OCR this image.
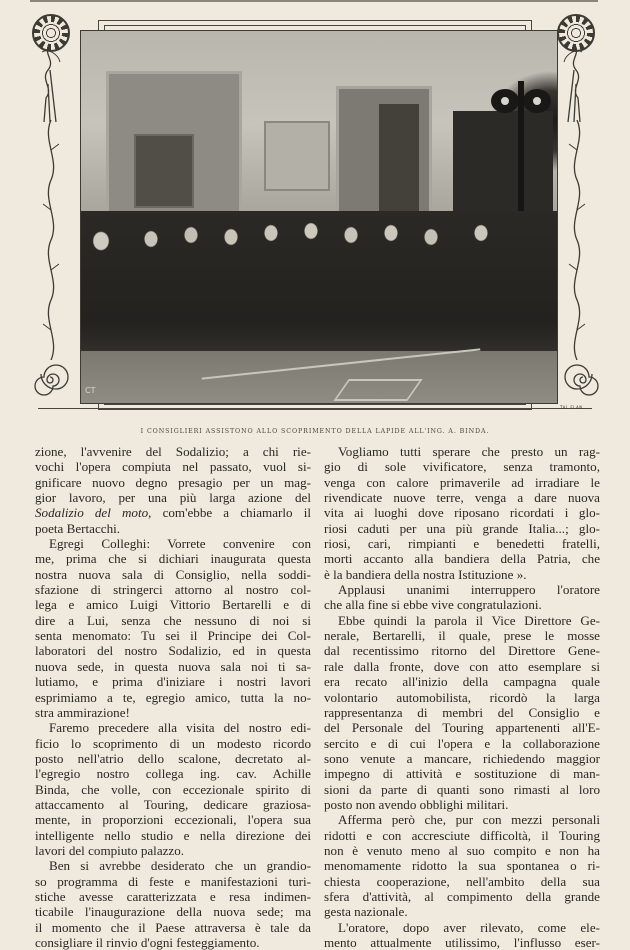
CT
TAL.FLAN
I CONSIGLIERI ASSISTONO ALLO SCOPRIMENTO DELLA LAPIDE ALL'ING. A. BINDA.

zione, l'avvenire del Sodalizio; a chi rie-
vochi l'opera compiuta nel passato, vuol si-
gnificare nuovo degno presagio per un mag-
gior lavoro, per una più larga azione del
Sodalizio del moto, com'ebbe a chiamarlo il
poeta Bertacchi.

Egregi Colleghi: Vorrete convenire con
me, prima che si dichiari inaugurata questa
nostra nuova sala di Consiglio, nella soddi-
sfazione di stringerci attorno al nostro col-
lega e amico Luigi Vittorio Bertarelli e di
dire a Lui, senza che nessuno di noi si
senta menomato: Tu sei il Principe dei Col-
laboratori del nostro Sodalizio, ed in questa
nuova sede, in questa nuova sala noi ti sa-
lutiamo, e prima d'iniziare i nostri lavori
esprimiamo a te, egregio amico, tutta la no-
stra ammirazione!

Faremo precedere alla visita del nostro edi-
ficio lo scoprimento di un modesto ricordo
posto nell'atrio dello scalone, decretato al-
l'egregio nostro collega ing. cav. Achille
Binda, che volle, con eccezionale spirito di
attaccamento al Touring, dedicare graziosa-
mente, in proporzioni eccezionali, l'opera sua
intelligente nello studio e nella direzione dei
lavori del compiuto palazzo.

Ben si avrebbe desiderato che un grandio-
so programma di feste e manifestazioni turi-
stiche avesse caratterizzata e resa indimen-
ticabile l'inaugurazione della nuova sede; ma
il momento che il Paese attraversa è tale da
consigliare il rinvio d'ogni festeggiamento.

Vogliamo tutti sperare che presto un rag-
gio di sole vivificatore, senza tramonto,
venga con calore primaverile ad irradiare le
rivendicate nuove terre, venga a dare nuova
vita ai luoghi dove riposano ricordati i glo-
riosi caduti per una più grande Italia...; glo-
riosi, cari, rimpianti e benedetti fratelli,
morti accanto alla bandiera della Patria, che
è la bandiera della nostra Istituzione ».

Applausi unanimi interruppero l'oratore
che alla fine si ebbe vive congratulazioni.

Ebbe quindi la parola il Vice Direttore Ge-
nerale, Bertarelli, il quale, prese le mosse
dal recentissimo ritorno del Direttore Gene-
rale dalla fronte, dove con atto esemplare si
era recato all'inizio della campagna quale
volontario automobilista, ricordò la larga
rappresentanza di membri del Consiglio e
del Personale del Touring appartenenti all'E-
sercito e di cui l'opera e la collaborazione
sono venute a mancare, richiedendo maggior
impegno di attività e sostituzione di man-
sioni da parte di quanti sono rimasti al loro
posto non avendo obblighi militari.

Afferma però che, pur con mezzi personali
ridotti e con accresciute difficoltà, il Touring
non è venuto meno al suo compito e non ha
menomamente ridotto la sua spontanea o ri-
chiesta cooperazione, nell'ambito della sua
sfera d'attività, al compimento della grande
gesta nazionale.

L'oratore, dopo aver rilevato, come ele-
mento attualmente utilissimo, l'influsso eser-
